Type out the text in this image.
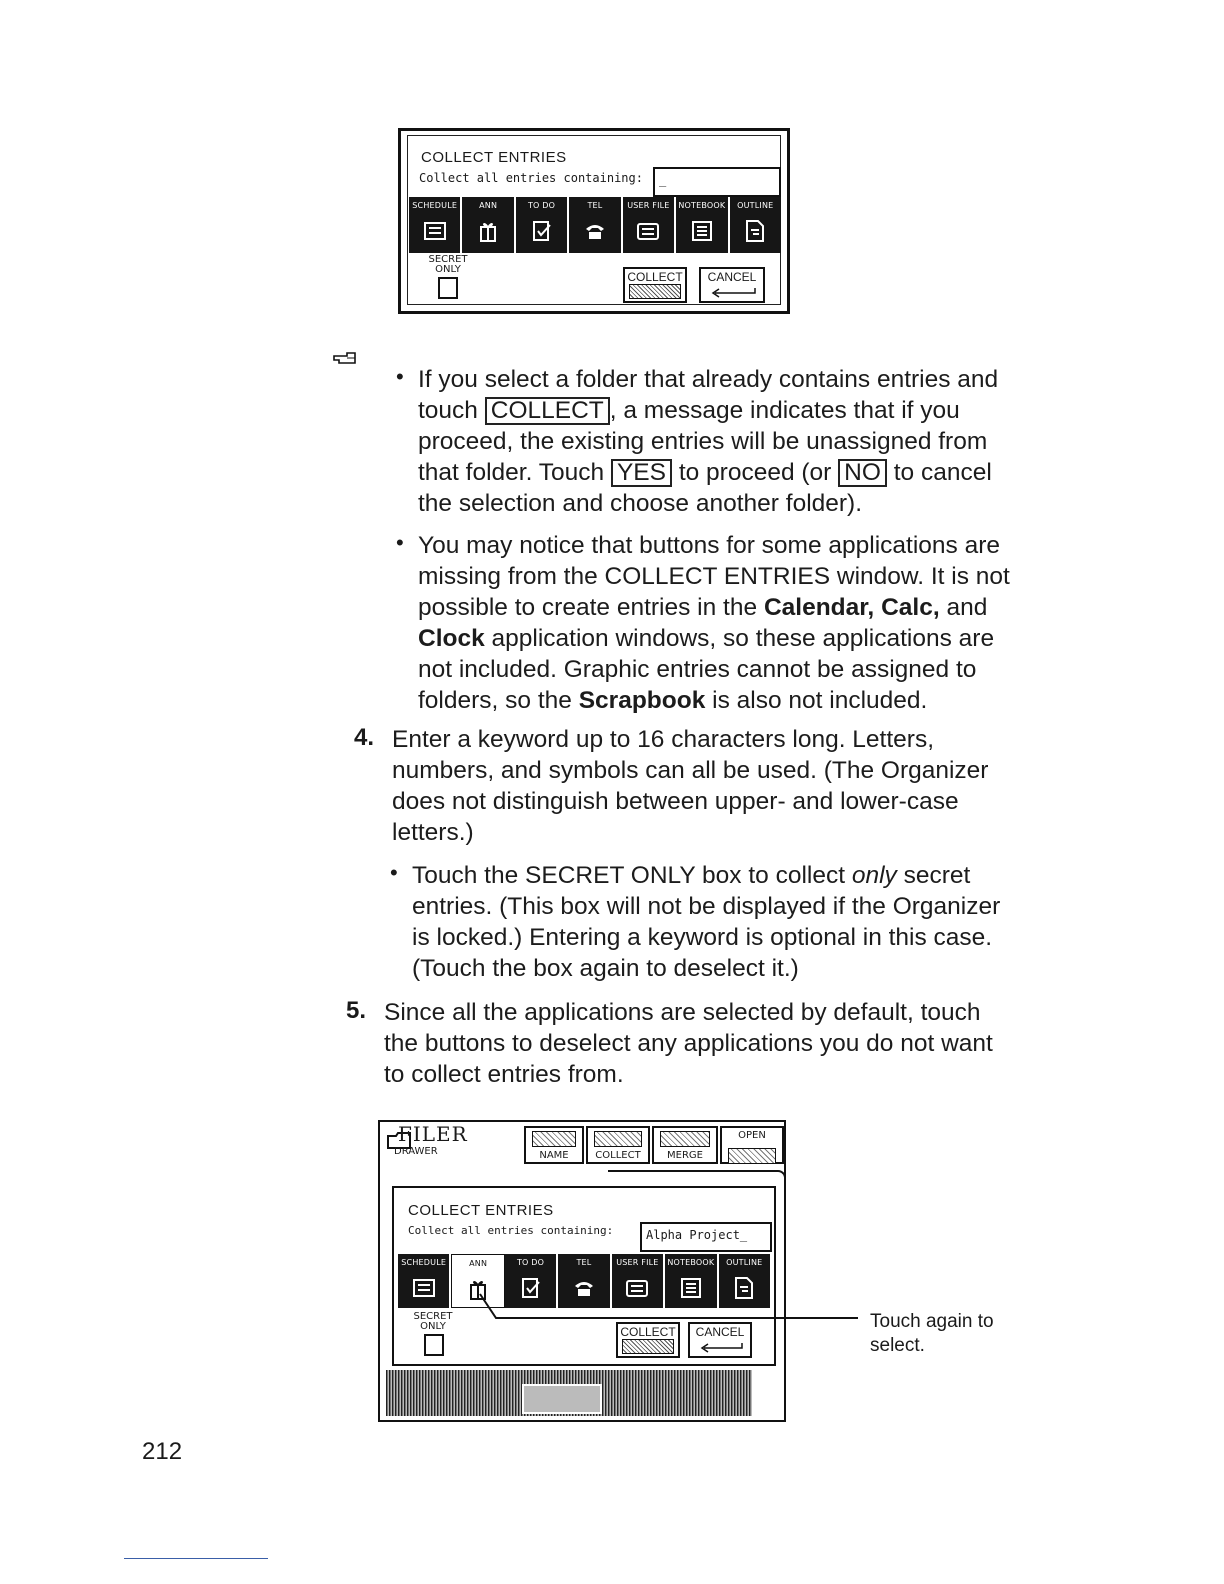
COLLECT ENTRIES
Collect all entries containing:	_
SCHEDULE	ANN	TO DO	TEL	USER FILE	NOTEBOOK	OUTLINE
SECRET
ONLY
COLLECT	CANCEL
• If you select a folder that already contains entries and

touch COLLECT , a message indicates that if you

proceed, the existing entries will be unassigned from

that folder. Touch YES to proceed (or NO to cancel

the selection and choose another folder).

• You may notice that buttons for some applications are

missing from the COLLECT ENTRIES window. It is not

possible to create entries in the Calendar, Calc, and

Clock application windows, so these applications are

not included. Graphic entries cannot be assigned to

folders, so the Scrapbook is also not included.

4. Enter a keyword up to 16 characters long. Letters,

numbers, and symbols can all be used. (The Organizer

does not distinguish between upper- and lower-case

letters.)

• Touch the SECRET ONLY box to collect only secret

entries. (This box will not be displayed if the Organizer

is locked.) Entering a keyword is optional in this case.

(Touch the box again to deselect it.)

5. Since all the applications are selected by default, touch

the buttons to deselect any applications you do not want

to collect entries from.

FILER
DRAWER	NAME	COLLECT	MERGE
OPEN
COLLECT ENTRIES
Collect all entries containing:	Alpha Project_
SCHEDULE	ANN	TO DO	TEL	USER FILE	NOTEBOOK	OUTLINE
SECRET
ONLY	COLLECT	CANCEL	Touch again to
select.
212
